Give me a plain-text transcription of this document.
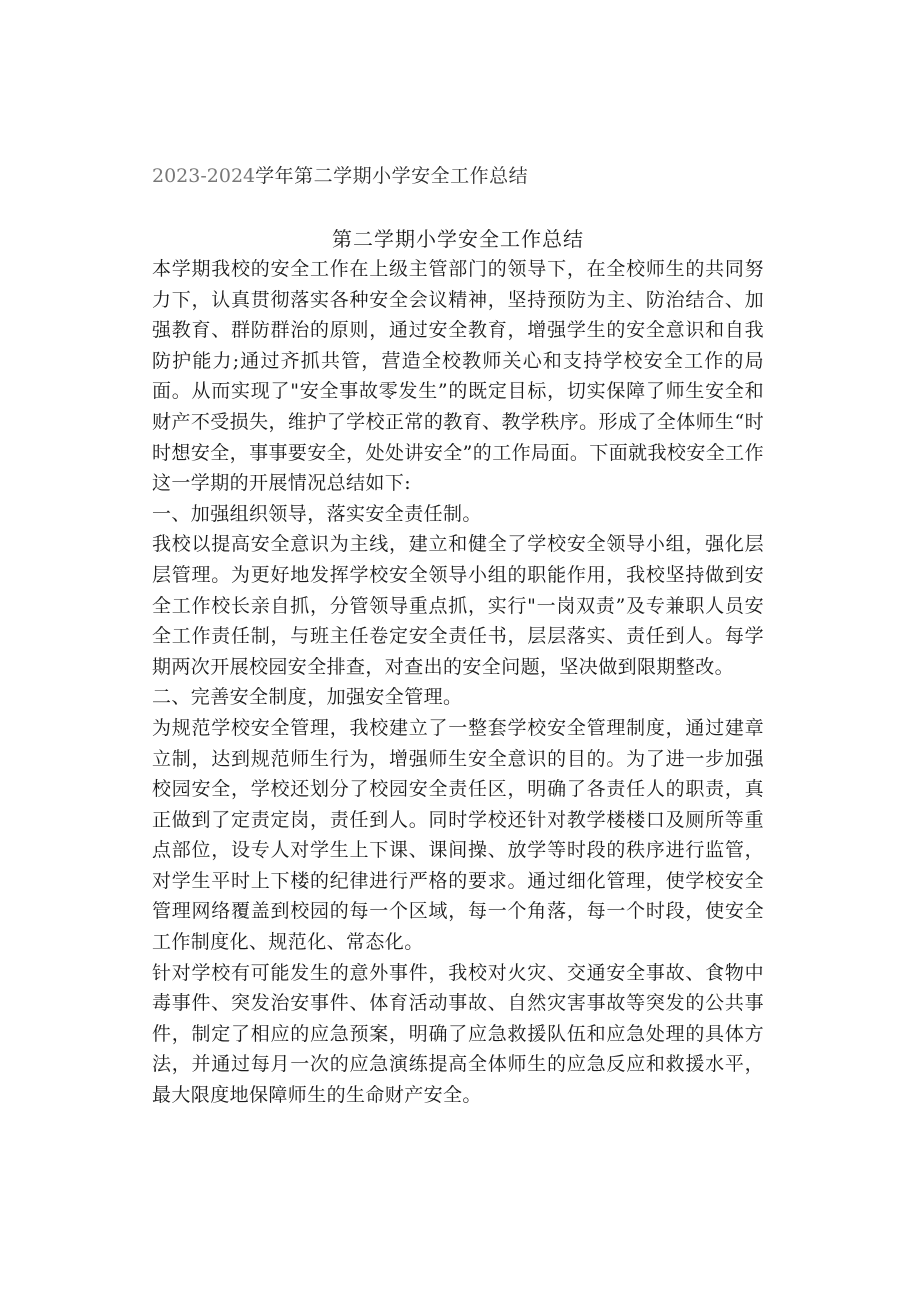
2023-2024学年第二学期小学安全工作总结
第二学期小学安全工作总结

本学期我校的安全工作在上级主管部门的领导下，在全校师生的共同努力下，认真贯彻落实各种安全会议精神，坚持预防为主、防治结合、加强教育、群防群治的原则，通过安全教育，增强学生的安全意识和自我防护能力;通过齐抓共管，营造全校教师关心和支持学校安全工作的局面。从而实现了"安全事故零发生”的既定目标，切实保障了师生安全和财产不受损失，维护了学校正常的教育、教学秩序。形成了全体师生“时时想安全，事事要安全，处处讲安全”的工作局面。下面就我校安全工作这一学期的开展情况总结如下:

一、加强组织领导，落实安全责任制。

我校以提高安全意识为主线，建立和健全了学校安全领导小组，强化层层管理。为更好地发挥学校安全领导小组的职能作用，我校坚持做到安全工作校长亲自抓，分管领导重点抓，实行"一岗双责”及专兼职人员安全工作责任制，与班主任卷定安全责任书，层层落实、责任到人。每学期两次开展校园安全排查，对查出的安全问题，坚决做到限期整改。

二、完善安全制度，加强安全管理。

为规范学校安全管理，我校建立了一整套学校安全管理制度，通过建章立制，达到规范师生行为，增强师生安全意识的目的。为了进一步加强校园安全，学校还划分了校园安全责任区，明确了各责任人的职责，真正做到了定责定岗，责任到人。同时学校还针对教学楼楼口及厕所等重点部位，设专人对学生上下课、课间操、放学等时段的秩序进行监管，对学生平时上下楼的纪律进行严格的要求。通过细化管理，使学校安全管理网络覆盖到校园的每一个区域，每一个角落，每一个时段，使安全工作制度化、规范化、常态化。

针对学校有可能发生的意外事件，我校对火灾、交通安全事故、食物中毒事件、突发治安事件、体育活动事故、自然灾害事故等突发的公共事件，制定了相应的应急预案，明确了应急救援队伍和应急处理的具体方法，并通过每月一次的应急演练提高全体师生的应急反应和救援水平，最大限度地保障师生的生命财产安全。
